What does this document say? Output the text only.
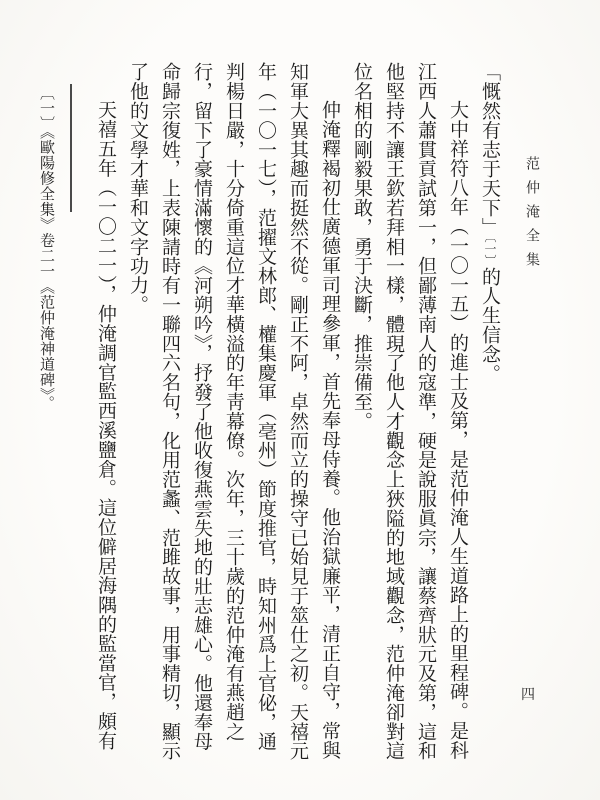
范仲淹全集
四
「慨然有志于天下」〔一〕的人生信念。
大中祥符八年（一〇一五）的進士及第，是范仲淹人生道路上的里程碑。是科
江西人蕭貫貢試第一，但鄙薄南人的寇準，硬是說服眞宗，讓蔡齊狀元及第，這和
他堅持不讓王欽若拜相一樣，體現了他人才觀念上狹隘的地域觀念，范仲淹卻對這
位名相的剛毅果敢，勇于決斷，推崇備至。
仲淹釋褐初仕廣德軍司理參軍，首先奉母侍養。他治獄廉平，清正自守，常與
知軍大異其趣而挺然不從。剛正不阿，卓然而立的操守已始見于筮仕之初。天禧元
年（一〇一七），范擢文林郎、權集慶軍（亳州）節度推官，時知州爲上官佖，通
判楊日嚴，十分倚重這位才華橫溢的年靑幕僚。次年，三十歲的范仲淹有燕趙之
行，留下了豪情滿懷的《河朔吟》，抒發了他收復燕雲失地的壯志雄心。他還奉母
命歸宗復姓，上表陳請時有一聯四六名句，化用范蠡、范雎故事，用事精切，顯示
了他的文學才華和文字功力。
天禧五年（一〇二一），仲淹調官監西溪鹽倉。這位僻居海隅的監當官，頗有
〔一〕《歐陽修全集》卷二一《范仲淹神道碑》。
